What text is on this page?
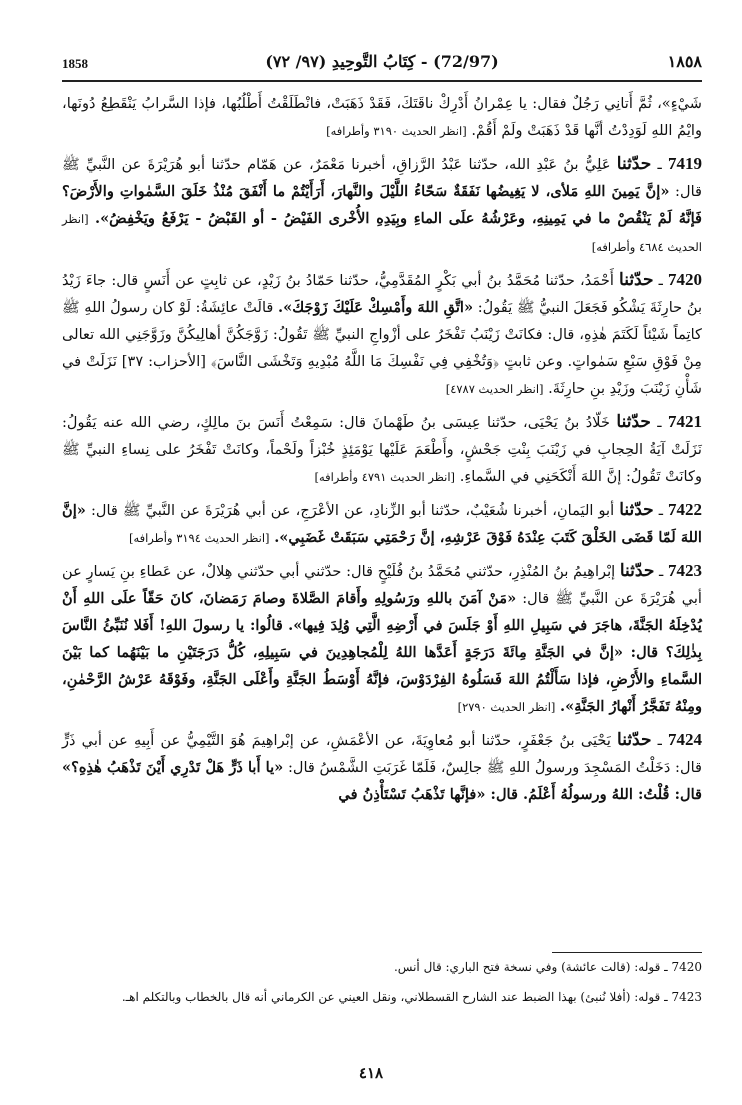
1858	(72/97) - كِتَابُ التَّوحِيدِ (٩٧/ ٧٢)	١٨٥٨

شَيْءٍ»، ثُمَّ أَتانِي رَجُلٌ فقال: يا عِمْرانُ أَدْرِكْ ناقَتَكَ، فَقَدْ ذَهَبَتْ، فانْطَلَقْتُ أَطْلُبُها، فإذا السَّرابُ يَنْقَطِعُ دُونَها، وايْمُ اللهِ لَوَدِدْتُ أنَّها قَدْ ذَهَبَتْ ولَمْ أَقُمْ. [انظر الحديث ٣١٩٠ وأطرافه]

7419 ـ حدّثنا عَلِيُّ بنُ عَبْدِ الله، حدّثنا عَبْدُ الرَّزاقِ، أخبرنا مَعْمَرٌ، عن هَمّام حدّثنا أبو هُرَيْرَةَ عن النَّبيِّ ﷺ قال: «إنَّ يَمِينَ اللهِ مَلأى، لا يَغِيضُها نَفَقَةٌ سَحّاءُ اللَّيْلَ والنَّهارَ، أَرَأَيْتُمْ ما أَنْفَقَ مُنْذُ خَلَقَ السَّمٰواتِ والأَرْضَ؟ فَإنَّهُ لَمْ يَنْقُصْ ما في يَمِينِهِ، وعَرْشُهُ علَى الماءِ وبِيَدِهِ الأُخْرى الفَيْضُ - أو القَبْضُ - يَرْفَعُ ويَخْفِضُ». [انظر الحديث ٤٦٨٤ وأطرافه]

7420 ـ حدّثنا أَحْمَدُ، حدّثنا مُحَمَّدُ بنُ أبي بَكْرٍ المُقَدَّمِيُّ، حدّثنا حَمّادُ بنُ زَيْدٍ، عن ثابِتٍ عن أَنَسٍ قال: جاءَ زَيْدُ بنُ حارِثَةَ يَشْكُو فَجَعَلَ النبيُّ ﷺ يَقُولُ: «اتَّقِ اللهَ وأَمْسِكْ عَلَيْكَ زَوْجَكَ». قالَتْ عائِشَةُ: لَوْ كان رسولُ اللهِ ﷺ كاتِماً شَيْئاً لَكَتَمَ هٰذِهِ، قال: فكانَتْ زَيْنَبُ تَفْخَرُ على أزْواجِ النبيِّ ﷺ تَقُولُ: زَوَّجَكُنَّ أهالِيكُنَّ وزَوَّجَنِي الله تعالى مِنْ فَوْقِ سَبْعِ سَمٰواتٍ. وعن ثابتٍ ﴿وَتُخْفِي فِي نَفْسِكَ مَا اللَّهُ مُبْدِيهِ وَتَخْشَى النَّاسَ﴾ [الأحزاب: ٣٧] نَزَلَتْ في شَأْنِ زَيْنَبَ وزَيْدِ بنِ حارِثَةَ. [انظر الحديث ٤٧٨٧]

7421 ـ حدّثنا خَلّادُ بنُ يَحْيَى، حدّثنا عِيسَى بنُ طَهْمانَ قال: سَمِعْتُ أَنَسَ بنَ مالِكٍ، رضي الله عنه يَقُولُ: نَزَلَتْ آيَةُ الحِجابِ في زَيْنَبَ بِنْتِ جَحْشٍ، وأَطْعَمَ عَلَيْها يَوْمَئِذٍ خُبْزاً ولَحْماً، وكانَتْ تَفْخَرُ على نِساءِ النبيِّ ﷺ وكانَتْ تَقُولُ: إنَّ اللهَ أَنْكَحَنِي في السَّماءِ. [انظر الحديث ٤٧٩١ وأطرافه]

7422 ـ حدّثنا أبو اليَمانِ، أخبرنا شُعَيْبٌ، حدّثنا أبو الزِّنادِ، عن الأعْرَجِ، عن أبي هُرَيْرَةَ عن النَّبيِّ ﷺ قال: «إنَّ اللهَ لَمّا قَضَى الخَلْقَ كَتَبَ عِنْدَهُ فَوْقَ عَرْشِهِ، إنَّ رَحْمَتِي سَبَقَتْ غَضَبِي». [انظر الحديث ٣١٩٤ وأطرافه]

7423 ـ حدّثنا إبْراهِيمُ بنُ المُنْذِرِ، حدّثني مُحَمَّدُ بنُ فُلَيْحٍ قال: حدّثني أبي حدّثني هِلالٌ، عن عَطاءِ بنِ يَسارٍ عن أبي هُرَيْرَةَ عن النَّبيِّ ﷺ قال: «مَنْ آمَنَ باللهِ ورَسُولِهِ وأَقامَ الصَّلاةَ وصامَ رَمَضانَ، كانَ حَقّاً علَى اللهِ أَنْ يُدْخِلَهُ الجَنَّةَ، هاجَرَ في سَبِيلِ اللهِ أَوْ جَلَسَ في أَرْضِهِ الَّتِي وُلِدَ فِيها». قالُوا: يا رسولَ اللهِ! أَفَلا نُنَبِّئُ النَّاسَ بِذٰلِكَ؟ قال: «إنَّ في الجَنَّةِ مِائَةَ دَرَجَةٍ أَعَدَّها اللهُ لِلْمُجاهِدِينَ في سَبِيلِهِ، كُلُّ دَرَجَتَيْنِ ما بَيْنَهُما كما بَيْنَ السَّماءِ والأَرْضِ، فإذا سَأَلْتُمُ اللهَ فَسَلُوهُ الفِرْدَوْسَ، فإنَّهُ أَوْسَطُ الجَنَّةِ وأَعْلَى الجَنَّةِ، وفَوْقَهُ عَرْشُ الرَّحْمٰنِ، ومِنْهُ تَفَجَّرُ أَنْهارُ الجَنَّةِ». [انظر الحديث ٢٧٩٠]

7424 ـ حدّثنا يَحْيَى بنُ جَعْفَرٍ، حدّثنا أبو مُعاوِيَةَ، عن الأعْمَشِ، عن إبْراهِيمَ هُوَ التَّيْمِيُّ عن أَبِيهِ عن أبي ذَرٍّ قال: دَخَلْتُ المَسْجِدَ ورسولُ اللهِ ﷺ جالِسٌ، فَلَمّا غَرَبَتِ الشَّمْسُ قال: «يا أَبا ذَرٍّ هَلْ تَدْرِي أَيْنَ تَذْهَبُ هٰذِهِ؟» قال: قُلْتُ: اللهُ ورسولُهُ أَعْلَمُ. قال: «فإنَّها تَذْهَبُ تَسْتَأْذِنُ في

7420 ـ قوله: (قالت عائشة) وفي نسخة فتح الباري: قال أنس.

7423 ـ قوله: (أفلا نُنبئ) بهذا الضبط عند الشارح القسطلاني، ونقل العيني عن الكرماني أنه قال بالخطاب وبالتكلم اهـ.

٤١٨
